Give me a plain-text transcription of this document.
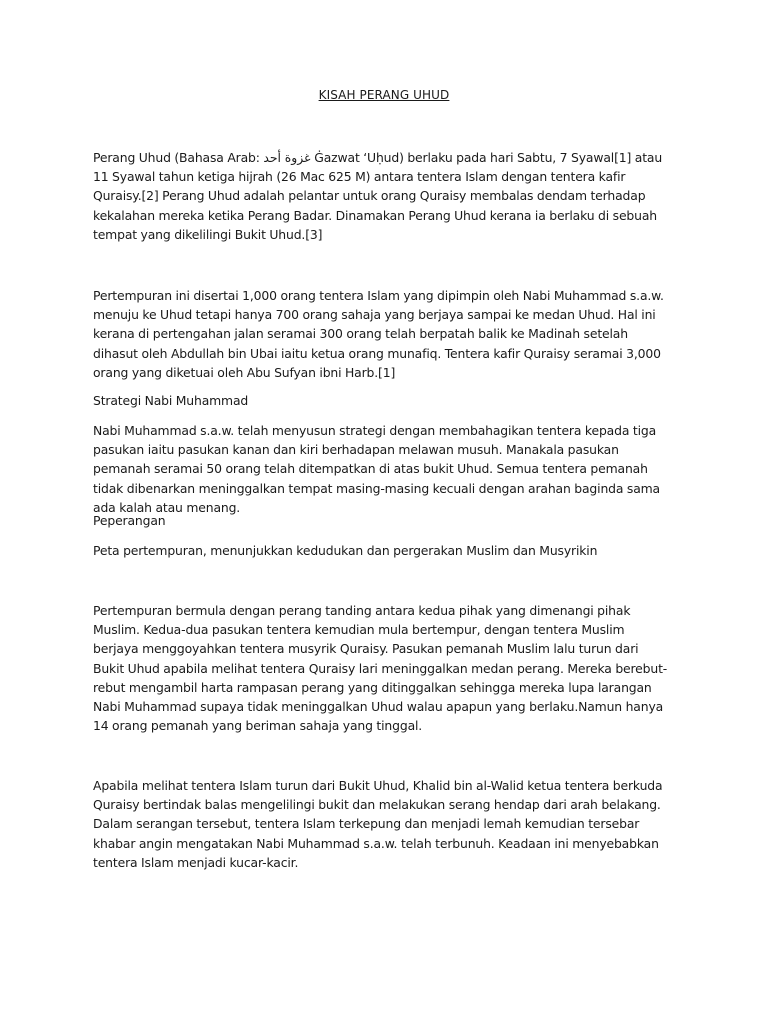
KISAH PERANG UHUD

Perang Uhud (Bahasa Arab: غزوة أحد Ġazwat ‘Uḥud) berlaku pada hari Sabtu, 7 Syawal[1] atau 11 Syawal tahun ketiga hijrah (26 Mac 625 M) antara tentera Islam dengan tentera kafir Quraisy.[2] Perang Uhud adalah pelantar untuk orang Quraisy membalas dendam terhadap kekalahan mereka ketika Perang Badar. Dinamakan Perang Uhud kerana ia berlaku di sebuah tempat yang dikelilingi Bukit Uhud.[3]

Pertempuran ini disertai 1,000 orang tentera Islam yang dipimpin oleh Nabi Muhammad s.a.w. menuju ke Uhud tetapi hanya 700 orang sahaja yang berjaya sampai ke medan Uhud. Hal ini kerana di pertengahan jalan seramai 300 orang telah berpatah balik ke Madinah setelah dihasut oleh Abdullah bin Ubai iaitu ketua orang munafiq. Tentera kafir Quraisy seramai 3,000 orang yang diketuai oleh Abu Sufyan ibni Harb.[1]

Strategi Nabi Muhammad

Nabi Muhammad s.a.w. telah menyusun strategi dengan membahagikan tentera kepada tiga pasukan iaitu pasukan kanan dan kiri berhadapan melawan musuh. Manakala pasukan pemanah seramai 50 orang telah ditempatkan di atas bukit Uhud. Semua tentera pemanah tidak dibenarkan meninggalkan tempat masing-masing kecuali dengan arahan baginda sama ada kalah atau menang.

Peperangan

Peta pertempuran, menunjukkan kedudukan dan pergerakan Muslim dan Musyrikin

Pertempuran bermula dengan perang tanding antara kedua pihak yang dimenangi pihak Muslim. Kedua-dua pasukan tentera kemudian mula bertempur, dengan tentera Muslim berjaya menggoyahkan tentera musyrik Quraisy. Pasukan pemanah Muslim lalu turun dari Bukit Uhud apabila melihat tentera Quraisy lari meninggalkan medan perang. Mereka berebut-rebut mengambil harta rampasan perang yang ditinggalkan sehingga mereka lupa larangan Nabi Muhammad supaya tidak meninggalkan Uhud walau apapun yang berlaku.Namun hanya 14 orang pemanah yang beriman sahaja yang tinggal.

Apabila melihat tentera Islam turun dari Bukit Uhud, Khalid bin al-Walid ketua tentera berkuda Quraisy bertindak balas mengelilingi bukit dan melakukan serang hendap dari arah belakang. Dalam serangan tersebut, tentera Islam terkepung dan menjadi lemah kemudian tersebar khabar angin mengatakan Nabi Muhammad s.a.w. telah terbunuh. Keadaan ini menyebabkan tentera Islam menjadi kucar-kacir.
